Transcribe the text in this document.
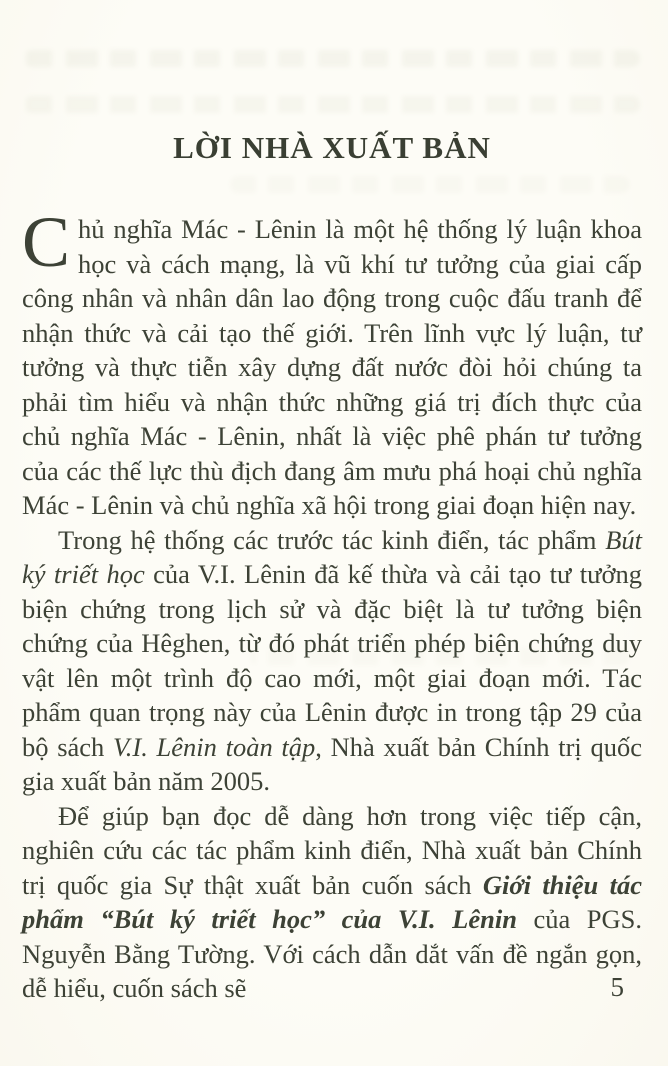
LỜI NHÀ XUẤT BẢN

Chủ nghĩa Mác - Lênin là một hệ thống lý luận khoa học và cách mạng, là vũ khí tư tưởng của giai cấp công nhân và nhân dân lao động trong cuộc đấu tranh để nhận thức và cải tạo thế giới. Trên lĩnh vực lý luận, tư tưởng và thực tiễn xây dựng đất nước đòi hỏi chúng ta phải tìm hiểu và nhận thức những giá trị đích thực của chủ nghĩa Mác - Lênin, nhất là việc phê phán tư tưởng của các thế lực thù địch đang âm mưu phá hoại chủ nghĩa Mác - Lênin và chủ nghĩa xã hội trong giai đoạn hiện nay.

Trong hệ thống các trước tác kinh điển, tác phẩm Bút ký triết học của V.I. Lênin đã kế thừa và cải tạo tư tưởng biện chứng trong lịch sử và đặc biệt là tư tưởng biện chứng của Hêghen, từ đó phát triển phép biện chứng duy vật lên một trình độ cao mới, một giai đoạn mới. Tác phẩm quan trọng này của Lênin được in trong tập 29 của bộ sách V.I. Lênin toàn tập, Nhà xuất bản Chính trị quốc gia xuất bản năm 2005.

Để giúp bạn đọc dễ dàng hơn trong việc tiếp cận, nghiên cứu các tác phẩm kinh điển, Nhà xuất bản Chính trị quốc gia Sự thật xuất bản cuốn sách Giới thiệu tác phẩm “Bút ký triết học” của V.I. Lênin của PGS. Nguyễn Bằng Tường. Với cách dẫn dắt vấn đề ngắn gọn, dễ hiểu, cuốn sách sẽ	5
